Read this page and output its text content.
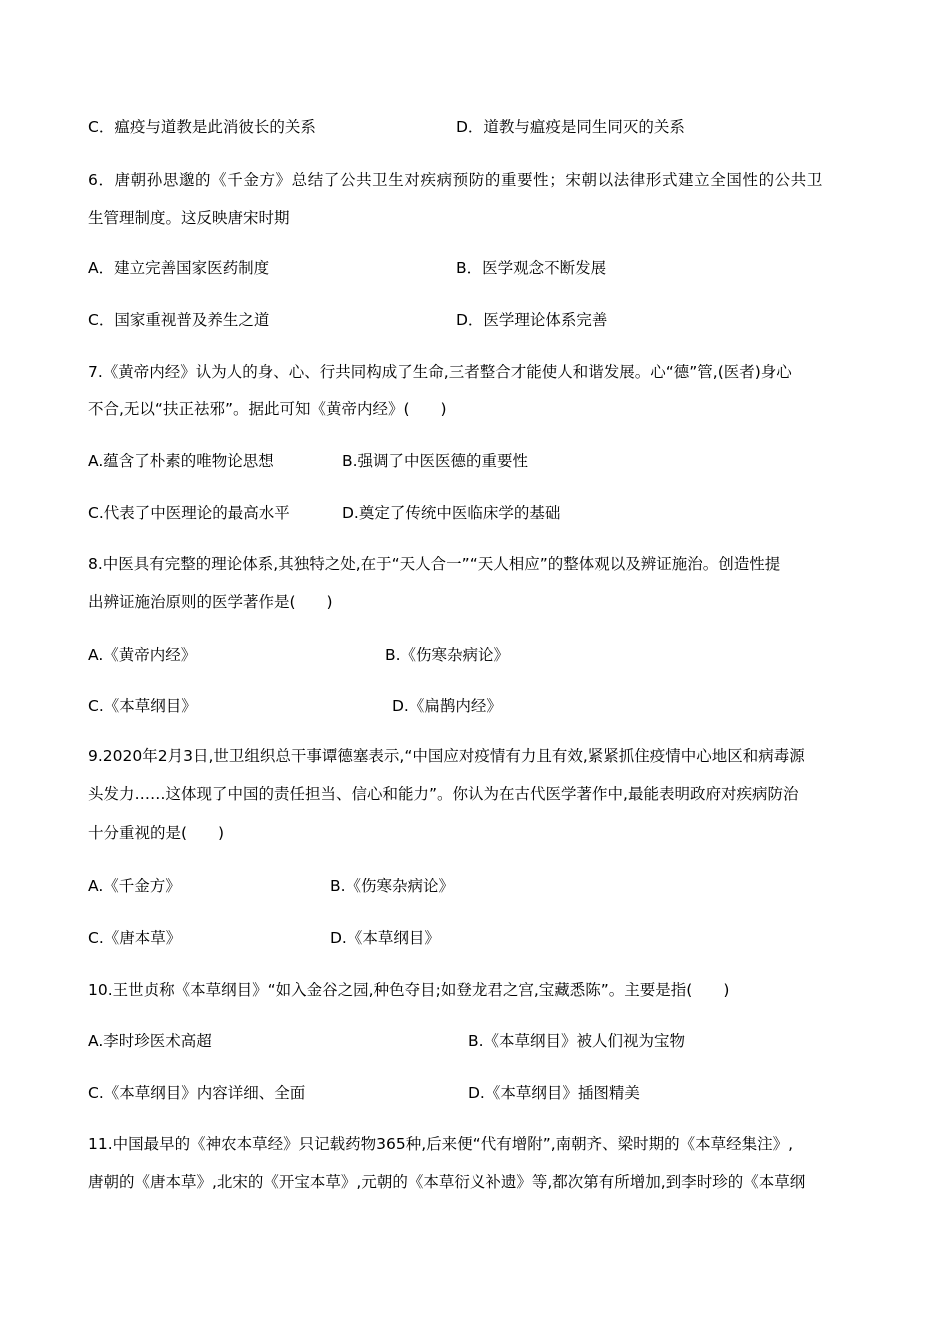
C．瘟疫与道教是此消彼长的关系	D．道教与瘟疫是同生同灭的关系
6．唐朝孙思邈的《千金方》总结了公共卫生对疾病预防的重要性；宋朝以法律形式建立全国性的公共卫
生管理制度。这反映唐宋时期
A．建立完善国家医药制度	B．医学观念不断发展
C．国家重视普及养生之道	D．医学理论体系完善
7.《黄帝内经》认为人的身、心、行共同构成了生命,三者整合才能使人和谐发展。心“德”管,(医者)身心
不合,无以“扶正祛邪”。据此可知《黄帝内经》(　　)
A.蕴含了朴素的唯物论思想	B.强调了中医医德的重要性
C.代表了中医理论的最高水平	D.奠定了传统中医临床学的基础
8.中医具有完整的理论体系,其独特之处,在于“天人合一”“天人相应”的整体观以及辨证施治。创造性提
出辨证施治原则的医学著作是(　　)
A.《黄帝内经》	B.《伤寒杂病论》
C.《本草纲目》	D.《扁鹊内经》
9.2020年2月3日,世卫组织总干事谭德塞表示,“中国应对疫情有力且有效,紧紧抓住疫情中心地区和病毒源
头发力……这体现了中国的责任担当、信心和能力”。你认为在古代医学著作中,最能表明政府对疾病防治
十分重视的是(　　)
A.《千金方》	B.《伤寒杂病论》
C.《唐本草》	D.《本草纲目》
10.王世贞称《本草纲目》“如入金谷之园,种色夺目;如登龙君之宫,宝藏悉陈”。主要是指(　　)
A.李时珍医术高超	B.《本草纲目》被人们视为宝物
C.《本草纲目》内容详细、全面	D.《本草纲目》插图精美
11.中国最早的《神农本草经》只记载药物365种,后来便“代有增附”,南朝齐、梁时期的《本草经集注》,
唐朝的《唐本草》,北宋的《开宝本草》,元朝的《本草衍义补遗》等,都次第有所增加,到李时珍的《本草纲
